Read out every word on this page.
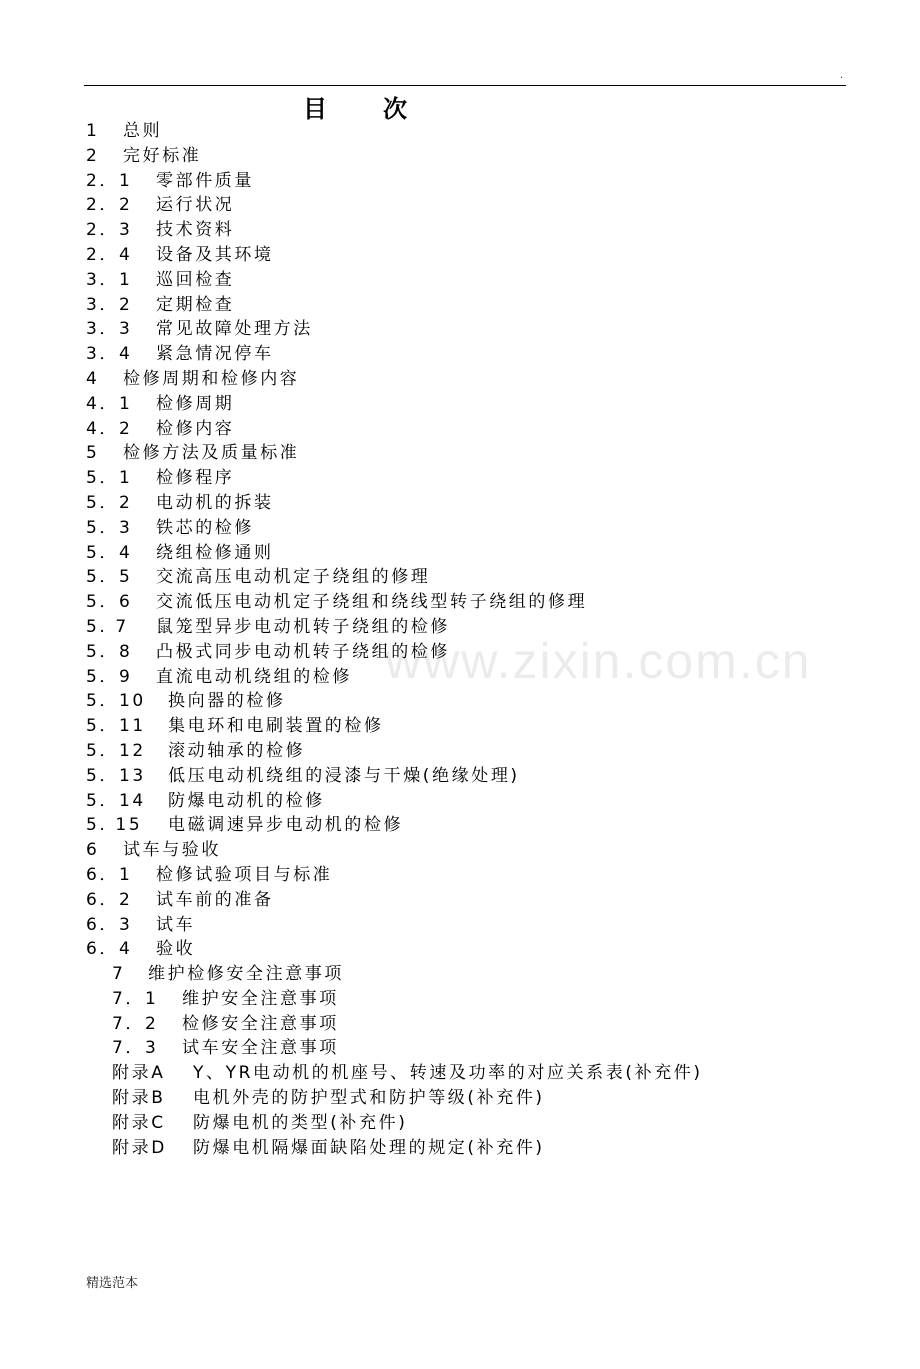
.
目 次
www.zixin.com.cn
1 总则
2 完好标准
2．1 零部件质量
2．2 运行状况
2．3 技术资料
2．4 设备及其环境
3．1 巡回检查
3．2 定期检查
3．3 常见故障处理方法
3．4 紧急情况停车
4 检修周期和检修内容
4．1 检修周期
4．2 检修内容
5 检修方法及质量标准
5．1 检修程序
5．2 电动机的拆装
5．3 铁芯的检修
5．4 绕组检修通则
5．5 交流高压电动机定子绕组的修理
5．6 交流低压电动机定子绕组和绕线型转子绕组的修理
5. 7 鼠笼型异步电动机转子绕组的检修
5．8 凸极式同步电动机转子绕组的检修
5．9 直流电动机绕组的检修
5．10 换向器的检修
5．11 集电环和电刷装置的检修
5．12 滚动轴承的检修
5．13 低压电动机绕组的浸漆与干燥(绝缘处理)
5．14 防爆电动机的检修
5. 15 电磁调速异步电动机的检修
6 试车与验收
6．1 检修试验项目与标准
6．2 试车前的准备
6．3 试车
6．4 验收
7 维护检修安全注意事项
7．1 维护安全注意事项
7．2 检修安全注意事项
7．3 试车安全注意事项
附录A Y、YR电动机的机座号、转速及功率的对应关系表(补充件)
附录B 电机外壳的防护型式和防护等级(补充件)
附录C 防爆电机的类型(补充件)
附录D 防爆电机隔爆面缺陷处理的规定(补充件)
精选范本
